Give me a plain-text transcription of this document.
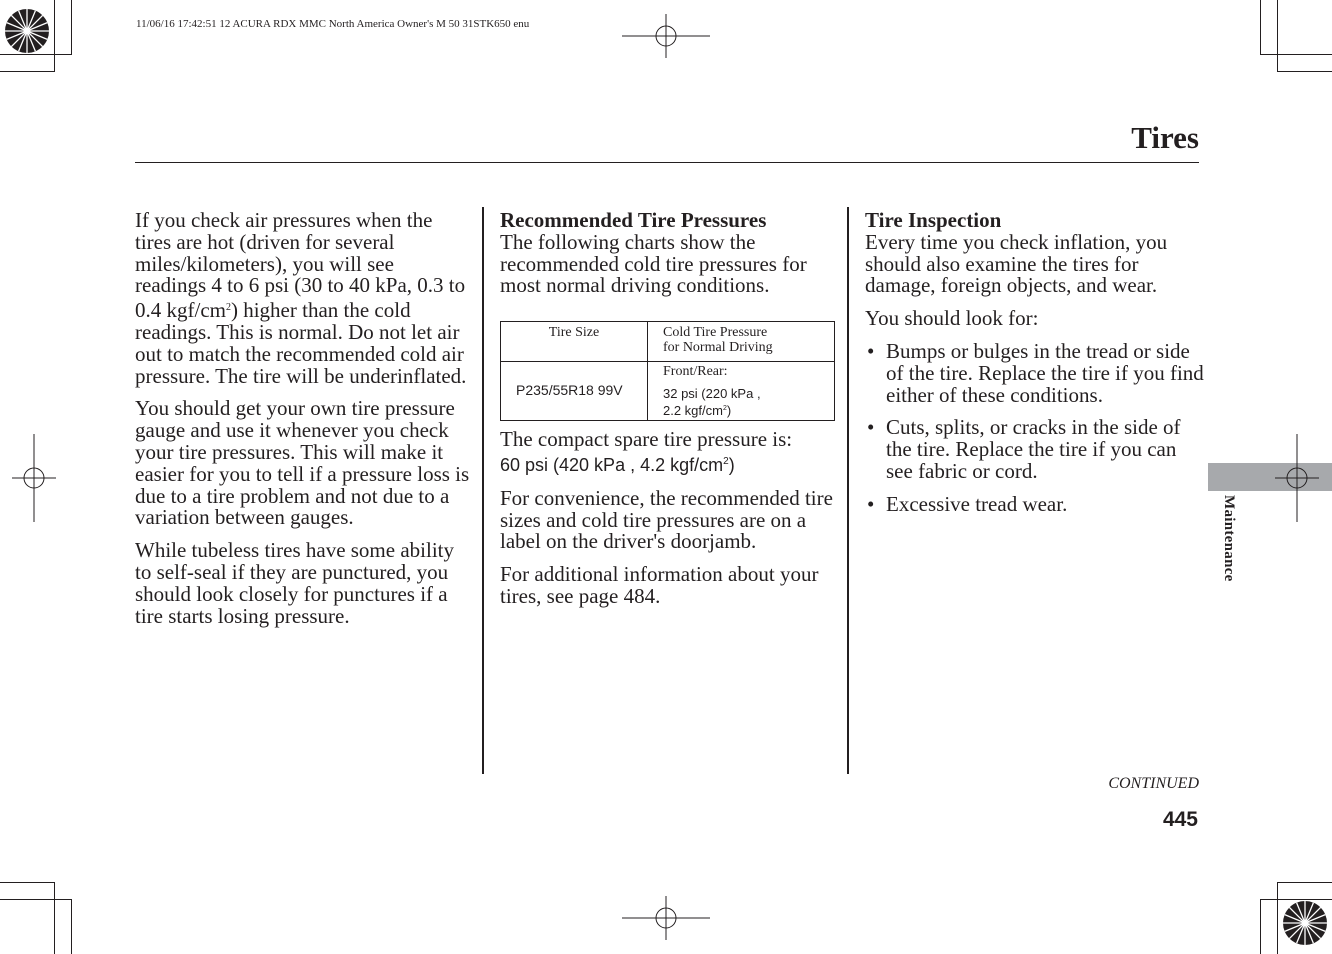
11/06/16 17:42:51 12 ACURA RDX MMC North America Owner's M 50 31STK650 enu
Tires

If you check air pressures when the tires are hot (driven for several miles/kilometers), you will see readings 4 to 6 psi (30 to 40 kPa, 0.3 to 0.4 kgf/$cm^2$) higher than the cold readings. This is normal. Do not let air out to match the recommended cold air pressure. The tire will be underinflated.

You should get your own tire pressure gauge and use it whenever you check your tire pressures. This will make it easier for you to tell if a pressure loss is due to a tire problem and not due to a variation between gauges.

While tubeless tires have some ability to self-seal if they are punctured, you should look closely for punctures if a tire starts losing pressure.

Recommended Tire Pressures
The following charts show the recommended cold tire pressures for most normal driving conditions.
Tire Size	Cold Tire Pressure
for Normal Driving

P235/55R18 99V	Front/Rear:
32 psi (220 kPa ,
2.2 kgf/$cm^2$)

The compact spare tire pressure is:
60 psi (420 kPa , 4.2 kgf/$cm^2$)

For convenience, the recommended tire sizes and cold tire pressures are on a label on the driver's doorjamb.

For additional information about your tires, see page 484.

Tire Inspection

Every time you check inflation, you should also examine the tires for damage, foreign objects, and wear.

You should look for:

• Bumps or bulges in the tread or side of the tire. Replace the tire if you find either of these conditions.
• Cuts, splits, or cracks in the side of the tire. Replace the tire if you can see fabric or cord.
• Excessive tread wear.	Maintenance
CONTINUED
445
